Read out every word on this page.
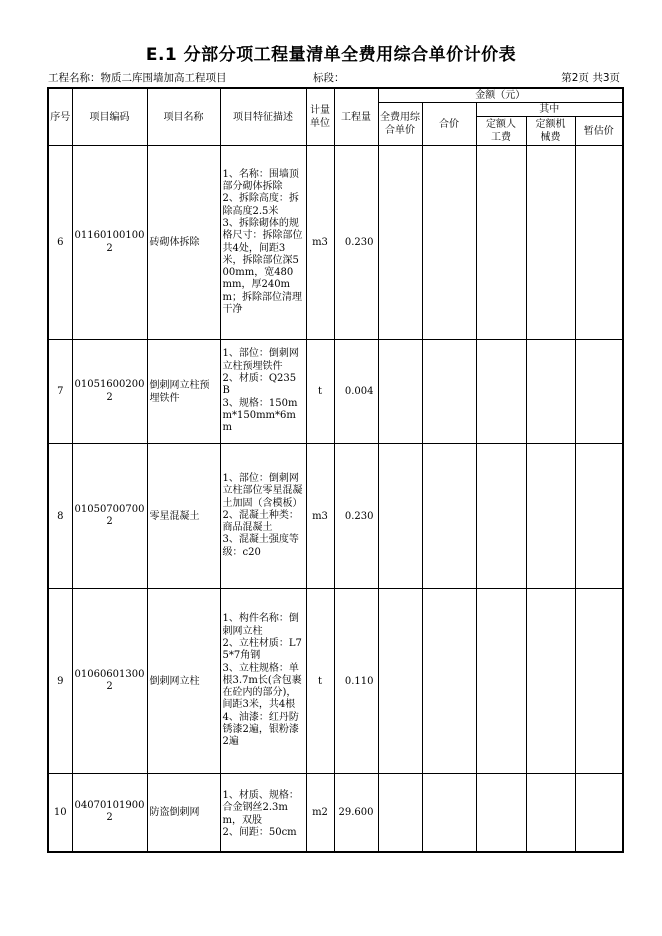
E.1 分部分项工程量清单全费用综合单价计价表
工程名称：物质二库围墙加高工程项目	标段：	第2页 共3页
序号	项目编码	项目名称	项目特征描述	计量单位	工程量	金额（元）				
						全费用综合单价	合价	其中		
								定额人工费	定额机械费	暂估价
6	011601001002	砖砌体拆除	1、名称：围墙顶部分砌体拆除
2、拆除高度：拆除高度2.5米
3、拆除砌体的规格尺寸：拆除部位共4处，间距3米，拆除部位深500mm，宽480mm，厚240mm；拆除部位清理干净	m3	0.230					
7	010516002002	倒刺网立柱预埋铁件	1、部位：倒刺网立柱预埋铁件
2、材质：Q235B
3、规格：150mm*150mm*6mm	t	0.004					
8	010507007002	零星混凝土	1、部位：倒刺网立柱部位零星混凝土加固（含模板）
2、混凝土种类：商品混凝土
3、混凝土强度等级：c20	m3	0.230					
9	010606013002	倒刺网立柱	1、构件名称：倒刺网立柱
2、立柱材质：L75*7角钢
3、立柱规格：单根3.7m长(含包裹在砼内的部分)，间距3米，共4根
4、油漆：红丹防锈漆2遍，银粉漆2遍	t	0.110					
10	040701019002	防盗倒刺网	1、材质、规格：合金钢丝2.3mm，双股
2、间距：50cm	m2	29.600					
